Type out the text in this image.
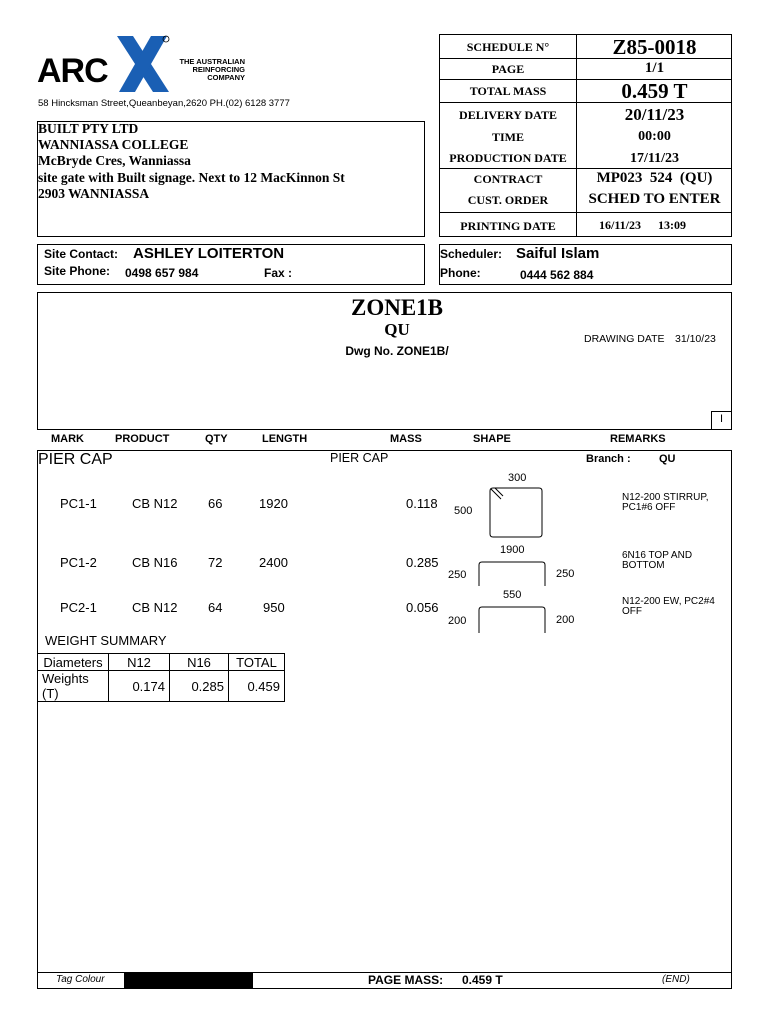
ARC	THE AUSTRALIAN
REINFORCING
COMPANY
58 Hincksman Street,Queanbeyan,2620 PH.(02) 6128 3777
BUILT PTY LTD
WANNIASSA COLLEGE
McBryde Cres, Wanniassa
site gate with Built signage. Next to 12 MacKinnon St
2903 WANNIASSA
SCHEDULE N°	Z85-0018
PAGE	1/1
TOTAL MASS	0.459 T
DELIVERY DATE	20/11/23
TIME	00:00
PRODUCTION DATE	17/11/23
CONTRACT	MP023  524  (QU)
CUST. ORDER	SCHED TO ENTER
PRINTING DATE	16/11/23	13:09
Site Contact: ASHLEY LOITERTON
Site Phone: 0498 657 984	Fax :
Scheduler: Saiful Islam
Phone:	0444 562 884
ZONE1B
QU
Dwg No. ZONE1B/
DRAWING DATE 31/10/23
I
MARK	PRODUCT	QTY	LENGTH	MASS	SHAPE	REMARKS
PIER CAP	PIER CAP	Branch :	QU
PC1-1	CB N12 66	1920	0.118
300
500
N12-200 STIRRUP,
PC1#6 OFF
PC1-2	CB N16 72	2400	0.285
1900
250	250
6N16 TOP AND
BOTTOM
PC2-1	CB N12 64	950	0.056
550
200	200
N12-200 EW, PC2#4
OFF
WEIGHT SUMMARY
Diameters	N12	N16	TOTAL
Weights (T)	0.174	0.285	0.459
Tag Colour	PAGE MASS: 0.459 T	(END)
